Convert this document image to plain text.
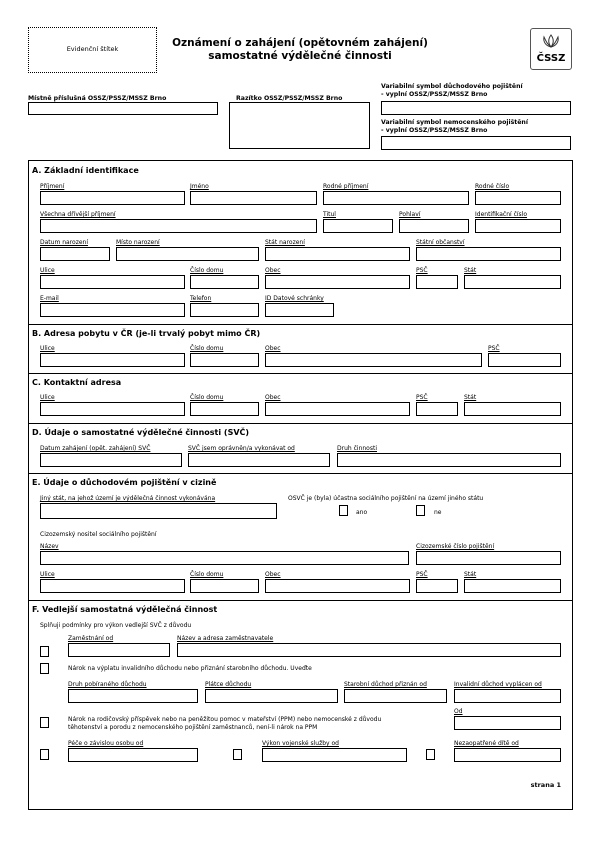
Evidenční štítek	Oznámení o zahájení (opětovném zahájení)
samostatné výdělečné činnosti	ČSSZ
Místně příslušná OSSZ/PSSZ/MSSZ Brno	Razítko OSSZ/PSSZ/MSSZ Brno
Variabilní symbol důchodového pojištění
- vyplní OSSZ/PSSZ/MSSZ Brno
Variabilní symbol nemocenského pojištění
- vyplní OSSZ/PSSZ/MSSZ Brno
A. Základní identifikace
Příjmení	Jméno	Rodné příjmení	Rodné číslo
Všechna dřívější příjmení	Titul	Pohlaví	Identifikační číslo
Datum narození	Místo narození	Stát narození	Státní občanství
Ulice	Číslo domu	Obec	PSČ	Stát
E-mail	Telefon	ID Datové schránky
B. Adresa pobytu v ČR (je-li trvalý pobyt mimo ČR)
Ulice	Číslo domu	Obec	PSČ
C. Kontaktní adresa
Ulice	Číslo domu	Obec	PSČ	Stát
D. Údaje o samostatné výdělečné činnosti (SVČ)
Datum zahájení (opět. zahájení) SVČ	SVČ jsem oprávněn/a vykonávat od	Druh činnosti
E. Údaje o důchodovém pojištění v cizině
Jiný stát, na jehož území je výdělečná činnost vykonávána	OSVČ je (byla) účastna sociálního pojištění na území jiného státu
ano	ne
Cizozemský nositel sociálního pojištění
Název	Cizozemské číslo pojištění
Ulice	Číslo domu	Obec	PSČ	Stát
F. Vedlejší samostatná výdělečná činnost
Splňuji podmínky pro výkon vedlejší SVČ z důvodu
Zaměstnání od	Název a adresa zaměstnavatele
Nárok na výplatu invalidního důchodu nebo přiznání starobního důchodu. Uveďte
Druh pobíraného důchodu	Plátce důchodu	Starobní důchod přiznán od	Invalidní důchod vyplácen od
Od
Nárok na rodičovský příspěvek nebo na peněžitou pomoc v mateřství (PPM) nebo nemocenské z důvodu
těhotenství a porodu z nemocenského pojištění zaměstnanců, není-li nárok na PPM
Péče o závislou osobu od	Výkon vojenské služby od	Nezaopatřené dítě od
strana 1
